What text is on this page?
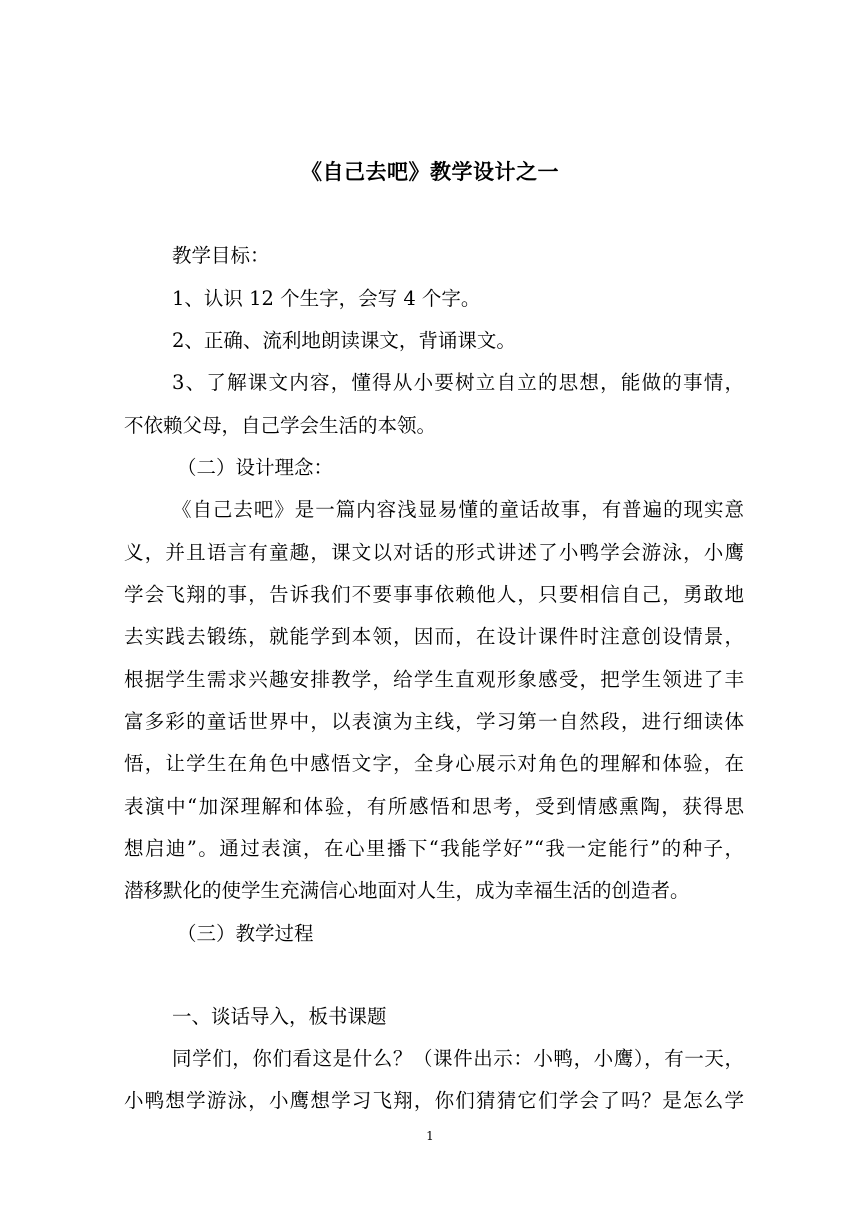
《自己去吧》教学设计之一
教学目标：
1、认识 12 个生字，会写 4 个字。
2、正确、流利地朗读课文，背诵课文。
3、了解课文内容，懂得从小要树立自立的思想，能做的事情，
不依赖父母，自己学会生活的本领。
（二）设计理念：
《自己去吧》是一篇内容浅显易懂的童话故事，有普遍的现实意
义，并且语言有童趣，课文以对话的形式讲述了小鸭学会游泳，小鹰
学会飞翔的事，告诉我们不要事事依赖他人，只要相信自己，勇敢地
去实践去锻练，就能学到本领，因而，在设计课件时注意创设情景，
根据学生需求兴趣安排教学，给学生直观形象感受，把学生领进了丰
富多彩的童话世界中，以表演为主线，学习第一自然段，进行细读体
悟，让学生在角色中感悟文字，全身心展示对角色的理解和体验，在
表演中“加深理解和体验，有所感悟和思考，受到情感熏陶，获得思
想启迪”。通过表演，在心里播下“我能学好”“我一定能行”的种子，
潜移默化的使学生充满信心地面对人生，成为幸福生活的创造者。
（三）教学过程
一、谈话导入，板书课题
同学们，你们看这是什么？（课件出示：小鸭，小鹰），有一天，
小鸭想学游泳，小鹰想学习飞翔，你们猜猜它们学会了吗？是怎么学
1
